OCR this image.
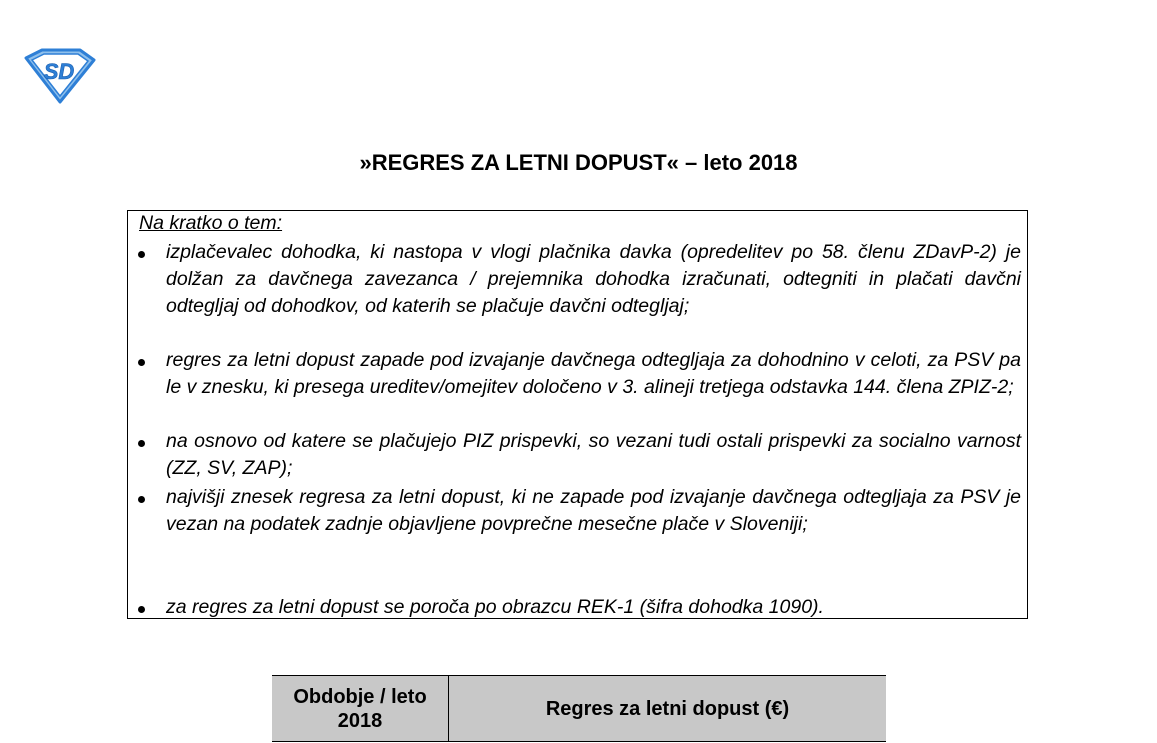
SD
»REGRES ZA LETNI DOPUST« – leto 2018
Na kratko o tem:
izplačevalec dohodka, ki nastopa v vlogi plačnika davka (opredelitev po 58. členu ZDavP-2) je dolžan za davčnega zavezanca / prejemnika dohodka izračunati, odtegniti in plačati davčni odtegljaj od dohodkov, od katerih se plačuje davčni odtegljaj;
regres za letni dopust zapade pod izvajanje davčnega odtegljaja za dohodnino v celoti, za PSV pa le v znesku, ki presega ureditev/omejitev določeno v 3. alineji tretjega odstavka 144. člena ZPIZ-2;
na osnovo od katere se plačujejo PIZ prispevki, so vezani tudi ostali prispevki za socialno varnost (ZZ, SV, ZAP);
najvišji znesek regresa za letni dopust, ki ne zapade pod izvajanje davčnega odtegljaja za PSV je vezan na podatek zadnje objavljene povprečne mesečne plače v Sloveniji;
za regres za letni dopust se poroča po obrazcu REK-1 (šifra dohodka 1090).
Obdobje / leto 2018
Regres za letni dopust (€)
